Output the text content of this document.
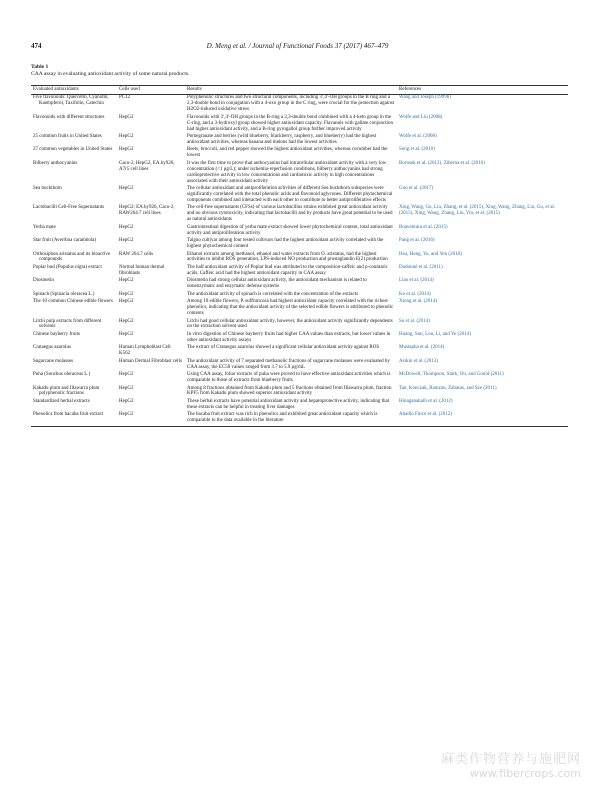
474	D. Meng et al. / Journal of Functional Foods 37 (2017) 467–479
Table 1
CAA assay in evaluating antioxidant activity of some natural products.
Evaluated antioxidants	Cells used	Results	References
Five flavonoids: Quercetin, Cyanidin, Kaempferol, Taxifolin, Catechin	PC12	Polyphenolic structures and two structural components, including 3′,4′-OH groups in the B ring and a 2,3-double bond in conjugation with a 4-oxo group in the C ring, were crucial for the protection against H2O2-induced oxidative stress	Wang and Joseph (1999b)
Flavonoids with different structures	HepG2	Flavonoids with 3′,4′-OH groups in the B-ring a 2,3-double bond combined with a 4-keto group in the C-ring, and a 3-hydroxyl group showed higher antioxidant capacity. Flavanols with gallate conjunction had higher antioxidant activity, and a B-ring pyrogallol group further improved activity	Wolfe and Liu (2008)
25 common fruits in United States	HepG2	Pomegranate and berries (wild blueberry, blackberry, raspberry, and blueberry) had the highest antioxidant activities, whereas banana and melons had the lowest activities	Wolfe et al. (2008)
27 common vegetables in United States	HepG2	Beets, broccoli, and red pepper showed the highest antioxidant activities, whereas cucumber had the lowest	Song et al. (2010)
Bilberry anthocyanins	Caco-2, HepG2, EA.hy926, A7r5 cell lines	It was the first time to prove that anthocyanins had intracellular antioxidant activity with a very low concentration (<1 μg/L); under ischemia-reperfusion conditions, bilberry anthocyanins had strong cardioprotective activity in low concentrations and cardiotoxic activity in high concentrations associated with their antioxidant activity	Bornsek et al. (2012), Ziberna et al. (2010)
Sea buckthorn	HepG2	The cellular antioxidant and antiproliferation activities of different Sea buckthorn subspecies were significantly correlated with the total phenolic acids and flavonoid aglycones. Different phytochemical components combined and interacted with each other to contribute to better antiproliferative effects	Guo et al. (2017)
Lactobacilli Cell-Free Supernatants	HepG2; EA.hy926, Caco-2, RAW264.7 cell lines	The cell-free supernatants (CFSs) of various lactobacillus strains exhibited great antioxidant activity and no obvious cytotoxicity, indicating that lactobacilli and by products have great potential to be used as natural antioxidants	Xing, Wang, Gu, Liu, Zhang, et al. (2015), Xing, Wang, Zhang, Liu, Gu, et al. (2015), Xing, Wang, Zhang, Liu, Yin, et al. (2015)
Yerba mate	HepG2	Gastrointestinal digestion of yerba mate extract showed lower phytochemical content, total antioxidant activity and antiproliferation activity	Boaventura et al. (2015)
Star fruit (Averrhoa carambola)	HepG2	Taiguo cultivar among four tested cultivars had the highest antioxidant activity correlated with the highest phytochemical content	Pang et al. (2016)
Orthosiphon aristatus and its bioactive compounds	RAW 264.7 cells	Ethanol extracts among methanol, ethanol and water extracts from O. aristatus, had the highest activities to inhibit ROS generation, LPS-induced NO production and prostaglandin E(2) production	Hsu, Hong, Yu, and Yen (2010)
Poplar bud (Populus nigra) extract	Normal human dermal fibroblasts	The half antioxidant activity of Poplar bud was attributed to the composition-caffeic and p-coumaric acids. Caffeic acid had the highest antioxidant capacity in CAA assay	Dudonné et al. (2011)
Diosmetin	HepG2	Diosmetin had strong cellular antioxidant activity, the antioxidant mechanism is related to nonenzymatic and enzymatic defense systems	Liao et al. (2014)
Spinach (Spinacia oleracea L.)	HepG2	The antioxidant activity of spinach is correlated with the concentration of the extracts	Ko et al. (2014)
The 10 common Chinese edible flowers	HepG2	Among 10 edible flowers, P. suffruticosa had highest antioxidant capacity correlated with the richest phenolics, indicating that the antioxidant activity of the selected edible flowers is attributed to phenolic contents	Xiong et al. (2014)
Litchi pulp extracts from different solvents	HepG2	Litchi had good cellular antioxidant activity, however, the antioxidant activity significantly dependents on the extraction solvent used	Su et al. (2014)
Chinese bayberry fruits	HepG2	In vitro digestion of Chinese bayberry fruits had higher CAA values than extracts, but lower values in other antioxidant activity assays	Huang, Sun, Lou, Li, and Ye (2014)
Crataegus azarolus	Human Lymphoblast Cell K562	The extract of Crataegus azarolus showed a significant cellular antioxidant activity against ROS	Mustapha et al. (2014)
Sugarcane molasses	Human Dermal Fibroblast cells	The antioxidant activity of 7 separated methanolic fractions of sugarcane molasses were evaluated by CAA assay, the EC50 values ranged from 3.7 to 5.9 μg/mL	Asikin et al. (2013)
Puha (Sonchus oleraceus L.)	HepG2	Using CAA assay, foliar extracts of puha were proved to have effective antioxidant activities which is comparable to those of extracts from blueberry fruits	McDowell, Thompson, Stark, Ou, and Gould (2011)
Kakadu plum and Illawarra plum polyphenolic fractions	HepG2	Among 8 fractions obtained from Kakadu plum and 5 fractions obtained from Illawarra plum, fraction KPF5 from Kakadu plum showed superior antioxidant activity	Tan, Konczak, Ramzan, Zabaras, and Sze (2011)
Standardized herbal extracts	HepG2	These herbal extracts have potential antioxidant activity and hepatoprotective activity, indicating that these extracts can be helpful in treating liver damages	Hinaganahalli et al. (2012)
Phenolics from bacaba fruit extract	HepG2	The bacaba fruit extract was rich in phenolics and exhibited great antioxidant capacity which is comparable to the data available in the literature	Abadio Finco et al. (2012)
麻类作物营养与施肥网
www.fibercrops.com
